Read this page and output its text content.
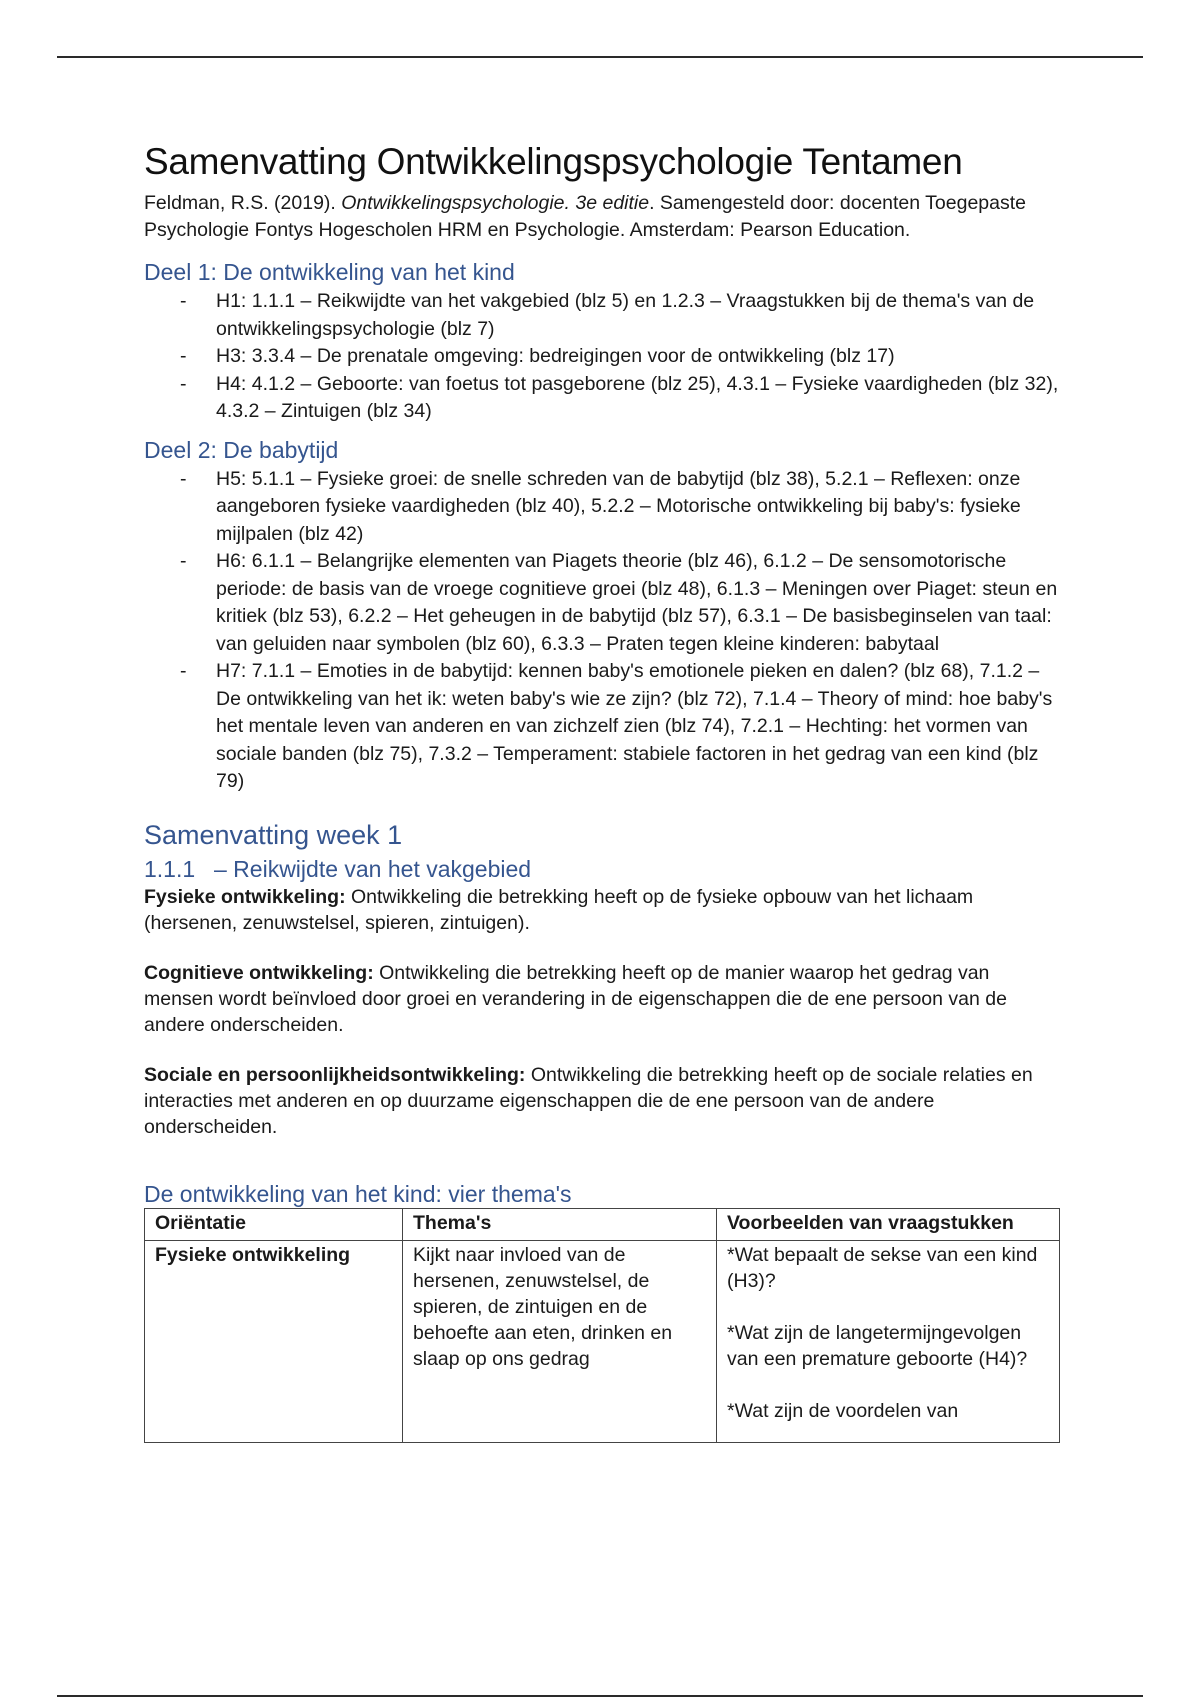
Samenvatting Ontwikkelingspsychologie Tentamen

Feldman, R.S. (2019). Ontwikkelingspsychologie. 3e editie. Samengesteld door: docenten Toegepaste Psychologie Fontys Hogescholen HRM en Psychologie. Amsterdam: Pearson Education.

Deel 1: De ontwikkeling van het kind
- H1: 1.1.1 – Reikwijdte van het vakgebied (blz 5) en 1.2.3 – Vraagstukken bij de thema's van de ontwikkelingspsychologie (blz 7)
- H3: 3.3.4 – De prenatale omgeving: bedreigingen voor de ontwikkeling (blz 17)
- H4: 4.1.2 – Geboorte: van foetus tot pasgeborene (blz 25), 4.3.1 – Fysieke vaardigheden (blz 32), 4.3.2 – Zintuigen (blz 34)
Deel 2: De babytijd
- H5: 5.1.1 – Fysieke groei: de snelle schreden van de babytijd (blz 38), 5.2.1 – Reflexen: onze aangeboren fysieke vaardigheden (blz 40), 5.2.2 – Motorische ontwikkeling bij baby's: fysieke mijlpalen (blz 42)
- H6: 6.1.1 – Belangrijke elementen van Piagets theorie (blz 46), 6.1.2 – De sensomotorische periode: de basis van de vroege cognitieve groei (blz 48), 6.1.3 – Meningen over Piaget: steun en kritiek (blz 53), 6.2.2 – Het geheugen in de babytijd (blz 57), 6.3.1 – De basisbeginselen van taal: van geluiden naar symbolen (blz 60), 6.3.3 – Praten tegen kleine kinderen: babytaal
- H7: 7.1.1 – Emoties in de babytijd: kennen baby's emotionele pieken en dalen? (blz 68), 7.1.2 – De ontwikkeling van het ik: weten baby's wie ze zijn? (blz 72), 7.1.4 – Theory of mind: hoe baby's het mentale leven van anderen en van zichzelf zien (blz 74), 7.2.1 – Hechting: het vormen van sociale banden (blz 75), 7.3.2 – Temperament: stabiele factoren in het gedrag van een kind (blz 79)
Samenvatting week 1
1.1.1 – Reikwijdte van het vakgebied

Fysieke ontwikkeling: Ontwikkeling die betrekking heeft op de fysieke opbouw van het lichaam (hersenen, zenuwstelsel, spieren, zintuigen).

Cognitieve ontwikkeling: Ontwikkeling die betrekking heeft op de manier waarop het gedrag van mensen wordt beïnvloed door groei en verandering in de eigenschappen die de ene persoon van de andere onderscheiden.

Sociale en persoonlijkheidsontwikkeling: Ontwikkeling die betrekking heeft op de sociale relaties en interacties met anderen en op duurzame eigenschappen die de ene persoon van de andere onderscheiden.

De ontwikkeling van het kind: vier thema's
Oriëntatie	Thema's	Voorbeelden van vraagstukken
Fysieke ontwikkeling	Kijkt naar invloed van de hersenen, zenuwstelsel, de spieren, de zintuigen en de behoefte aan eten, drinken en slaap op ons gedrag	*Wat bepaalt de sekse van een kind (H3)?
*Wat zijn de langetermijngevolgen van een premature geboorte (H4)?
*Wat zijn de voordelen van
